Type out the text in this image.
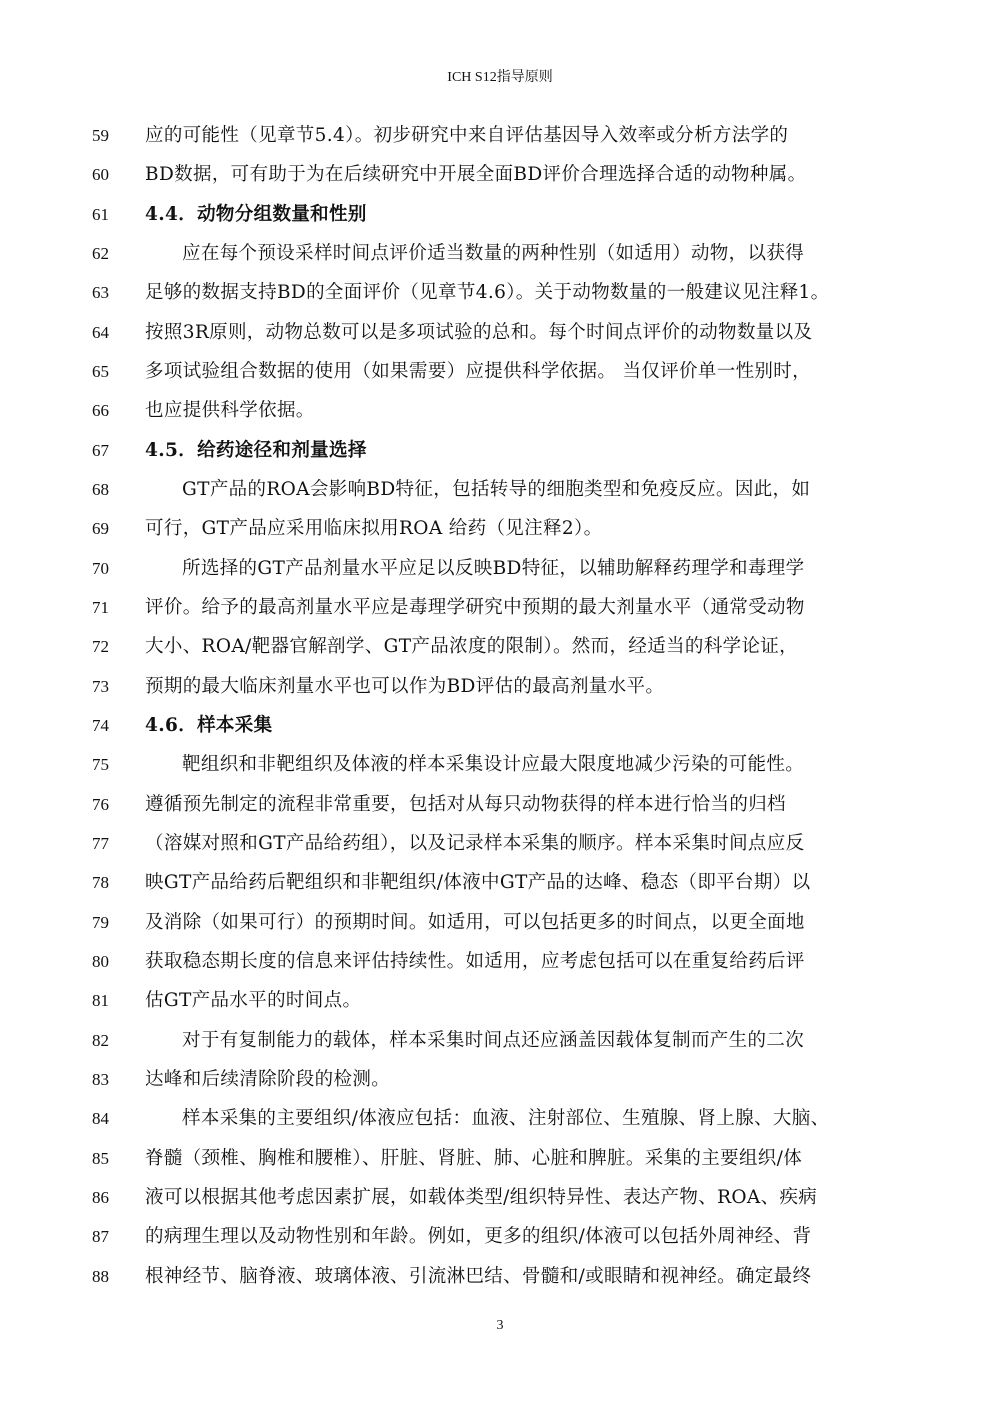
ICH S12指导原则
59	应的可能性（见章节5.4）。初步研究中来自评估基因导入效率或分析方法学的
60	BD数据，可有助于为在后续研究中开展全面BD评价合理选择合适的动物种属。
61	4.4．动物分组数量和性别
62	应在每个预设采样时间点评价适当数量的两种性别（如适用）动物，以获得
63	足够的数据支持BD的全面评价（见章节4.6）。关于动物数量的一般建议见注释1。
64	按照3R原则，动物总数可以是多项试验的总和。每个时间点评价的动物数量以及
65	多项试验组合数据的使用（如果需要）应提供科学依据。 当仅评价单一性别时，
66	也应提供科学依据。
67	4.5．给药途径和剂量选择
68	GT产品的ROA会影响BD特征，包括转导的细胞类型和免疫反应。因此，如
69	可行，GT产品应采用临床拟用ROA 给药（见注释2）。
70	所选择的GT产品剂量水平应足以反映BD特征，以辅助解释药理学和毒理学
71	评价。给予的最高剂量水平应是毒理学研究中预期的最大剂量水平（通常受动物
72	大小、ROA/靶器官解剖学、GT产品浓度的限制）。然而，经适当的科学论证，
73	预期的最大临床剂量水平也可以作为BD评估的最高剂量水平。
74	4.6．样本采集
75	靶组织和非靶组织及体液的样本采集设计应最大限度地减少污染的可能性。
76	遵循预先制定的流程非常重要，包括对从每只动物获得的样本进行恰当的归档
77	（溶媒对照和GT产品给药组），以及记录样本采集的顺序。样本采集时间点应反
78	映GT产品给药后靶组织和非靶组织/体液中GT产品的达峰、稳态（即平台期）以
79	及消除（如果可行）的预期时间。如适用，可以包括更多的时间点，以更全面地
80	获取稳态期长度的信息来评估持续性。如适用，应考虑包括可以在重复给药后评
81	估GT产品水平的时间点。
82	对于有复制能力的载体，样本采集时间点还应涵盖因载体复制而产生的二次
83	达峰和后续清除阶段的检测。
84	样本采集的主要组织/体液应包括：血液、注射部位、生殖腺、肾上腺、大脑、
85	脊髓（颈椎、胸椎和腰椎）、肝脏、肾脏、肺、心脏和脾脏。采集的主要组织/体
86	液可以根据其他考虑因素扩展，如载体类型/组织特异性、表达产物、ROA、疾病
87	的病理生理以及动物性别和年龄。例如，更多的组织/体液可以包括外周神经、背
88	根神经节、脑脊液、玻璃体液、引流淋巴结、骨髓和/或眼睛和视神经。确定最终
3
